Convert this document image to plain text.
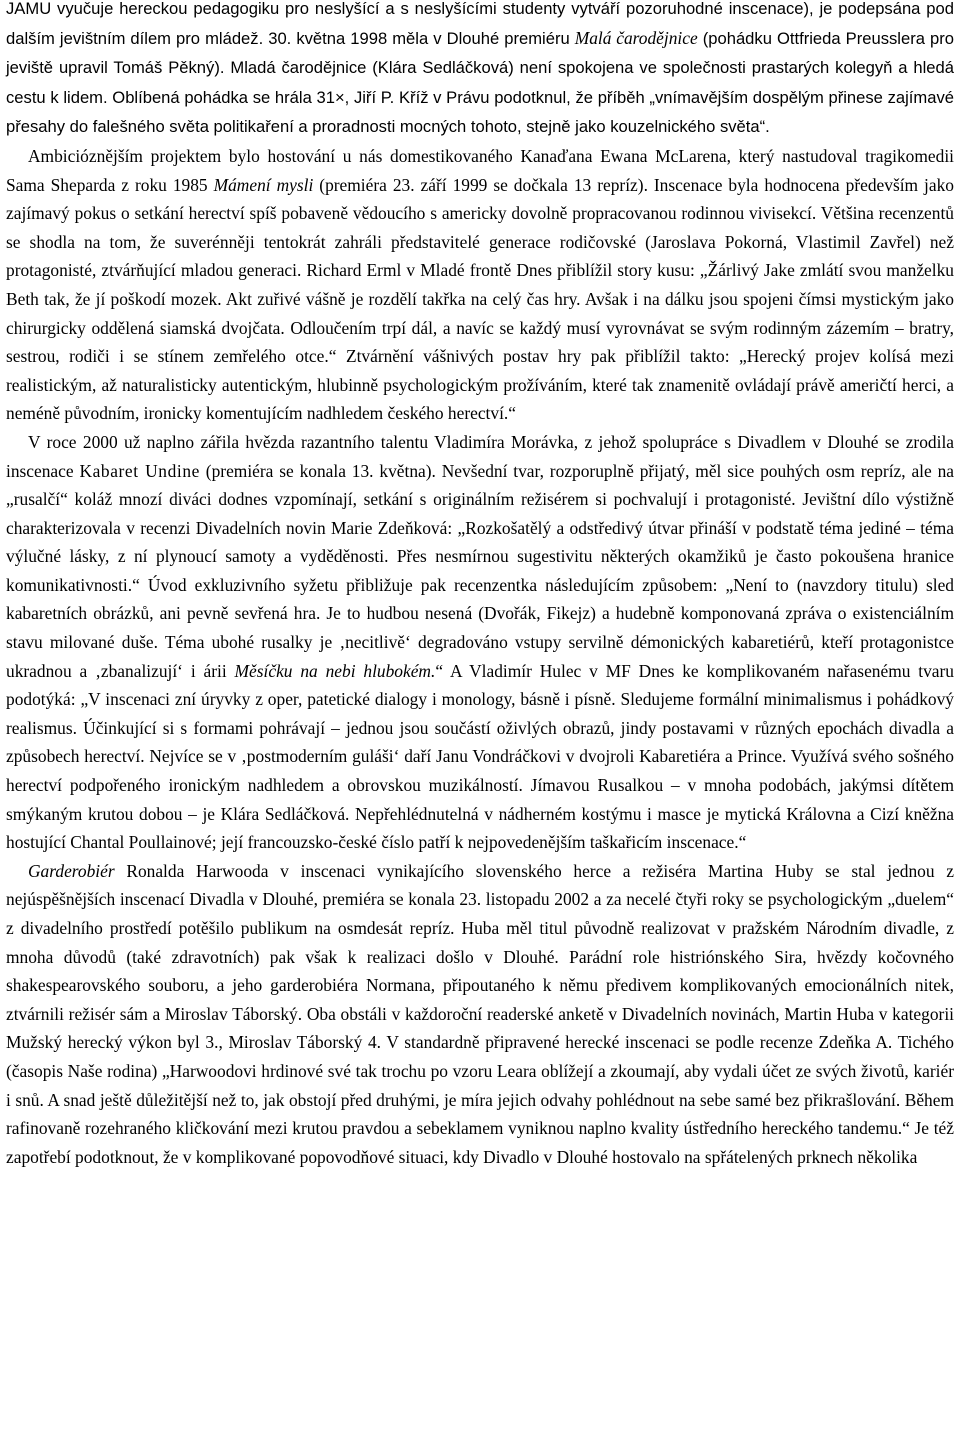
JAMU vyučuje hereckou pedagogiku pro neslyšící a s neslyšícími studenty vytváří pozoruhodné inscenace), je podepsána pod dalším jevištním dílem pro mládež. 30. května 1998 měla v Dlouhé premiéru Malá čarodějnice (pohádku Ottfrieda Preusslera pro jeviště upravil Tomáš Pěkný). Mladá čarodějnice (Klára Sedláčková) není spokojena ve společnosti prastarých kolegyň a hledá cestu k lidem. Oblíbená pohádka se hrála 31×, Jiří P. Kříž v Právu podotknul, že příběh „vnímavějším dospělým přinese zajímavé přesahy do falešného světa politikaření a proradnosti mocných tohoto, stejně jako kouzelnického světa“.

Ambicióznějším projektem bylo hostování u nás domestikovaného Kanaďana Ewana McLarena, který nastudoval tragikomedii Sama Sheparda z roku 1985 Mámení mysli (premiéra 23. září 1999 se dočkala 13 repríz). Inscenace byla hodnocena především jako zajímavý pokus o setkání herectví spíš pobaveně vědoucího s americky dovolně propracovanou rodinnou vivisekcí. Většina recenzentů se shodla na tom, že suverénněji tentokrát zahráli představitelé generace rodičovské (Jaroslava Pokorná, Vlastimil Zavřel) než protagonisté, ztvárňující mladou generaci. Richard Erml v Mladé frontě Dnes přiblížil story kusu: „Žárlivý Jake zmlátí svou manželku Beth tak, že jí poškodí mozek. Akt zuřivé vášně je rozdělí takřka na celý čas hry. Avšak i na dálku jsou spojeni čímsi mystickým jako chirurgicky oddělená siamská dvojčata. Odloučením trpí dál, a navíc se každý musí vyrovnávat se svým rodinným zázemím – bratry, sestrou, rodiči i se stínem zemřelého otce.“ Ztvárnění vášnivých postav hry pak přiblížil takto: „Herecký projev kolísá mezi realistickým, až naturalisticky autentickým, hlubinně psychologickým prožíváním, které tak znamenitě ovládají právě američtí herci, a neméně původním, ironicky komentujícím nadhledem českého herectví.“

V roce 2000 už naplno zářila hvězda razantního talentu Vladimíra Morávka, z jehož spolupráce s Divadlem v Dlouhé se zrodila inscenace Kabaret Undine (premiéra se konala 13. května). Nevšední tvar, rozporuplně přijatý, měl sice pouhých osm repríz, ale na „rusalčí“ koláž mnozí diváci dodnes vzpomínají, setkání s originálním režisérem si pochvalují i protagonisté. Jevištní dílo výstižně charakterizovala v recenzi Divadelních novin Marie Zdeňková: „Rozkošatělý a odstředivý útvar přináší v podstatě téma jediné – téma výlučné lásky, z ní plynoucí samoty a vyděděnosti. Přes nesmírnou sugestivitu některých okamžiků je často pokoušena hranice komunikativnosti.“ Úvod exkluzivního syžetu přibližuje pak recenzentka následujícím způsobem: „Není to (navzdory titulu) sled kabaretních obrázků, ani pevně sevřená hra. Je to hudbou nesená (Dvořák, Fikejz) a hudebně komponovaná zpráva o existenciálním stavu milované duše. Téma ubohé rusalky je ‚necitlivě‘ degradováno vstupy servilně démonických kabaretiérů, kteří protagonistce ukradnou a ‚zbanalizují‘ i árii Měsíčku na nebi hlubokém.“ A Vladimír Hulec v MF Dnes ke komplikovaném nařasenému tvaru podotýká: „V inscenaci zní úryvky z oper, patetické dialogy i monology, básně i písně. Sledujeme formální minimalismus i pohádkový realismus. Účinkující si s formami pohrávají – jednou jsou součástí oživlých obrazů, jindy postavami v různých epochách divadla a způsobech herectví. Nejvíce se v ‚postmoderním guláši‘ daří Janu Vondráčkovi v dvojroli Kabaretiéra a Prince. Využívá svého sošného herectví podpořeného ironickým nadhledem a obrovskou muzikálností. Jímavou Rusalkou – v mnoha podobách, jakýmsi dítětem smýkaným krutou dobou – je Klára Sedláčková. Nepřehlédnutelná v nádherném kostýmu i masce je mytická Královna a Cizí kněžna hostující Chantal Poullainové; její francouzsko-české číslo patří k nejpovedenějším taškařicím inscenace.“

Garderobiér Ronalda Harwooda v inscenaci vynikajícího slovenského herce a režiséra Martina Huby se stal jednou z nejúspěšnějších inscenací Divadla v Dlouhé, premiéra se konala 23. listopadu 2002 a za necelé čtyři roky se psychologickým „duelem“ z divadelního prostředí potěšilo publikum na osmdesát repríz. Huba měl titul původně realizovat v pražském Národním divadle, z mnoha důvodů (také zdravotních) pak však k realizaci došlo v Dlouhé. Parádní role histriónského Sira, hvězdy kočovného shakespearovského souboru, a jeho garderobiéra Normana, připoutaného k němu předivem komplikovaných emocionálních nitek, ztvárnili režisér sám a Miroslav Táborský. Oba obstáli v každoroční readerské anketě v Divadelních novinách, Martin Huba v kategorii Mužský herecký výkon byl 3., Miroslav Táborský 4. V standardně připravené herecké inscenaci se podle recenze Zdeňka A. Tichého (časopis Naše rodina) „Harwoodovi hrdinové své tak trochu po vzoru Leara oblížejí a zkoumají, aby vydali účet ze svých životů, kariér i snů. A snad ještě důležitější než to, jak obstojí před druhými, je míra jejich odvahy pohlédnout na sebe samé bez přikrašlování. Během rafinovaně rozehraného kličkování mezi krutou pravdou a sebeklamem vyniknou naplno kvality ústředního hereckého tandemu.“ Je též zapotřebí podotknout, že v komplikované popovodňové situaci, kdy Divadlo v Dlouhé hostovalo na spřátelených prknech několika
